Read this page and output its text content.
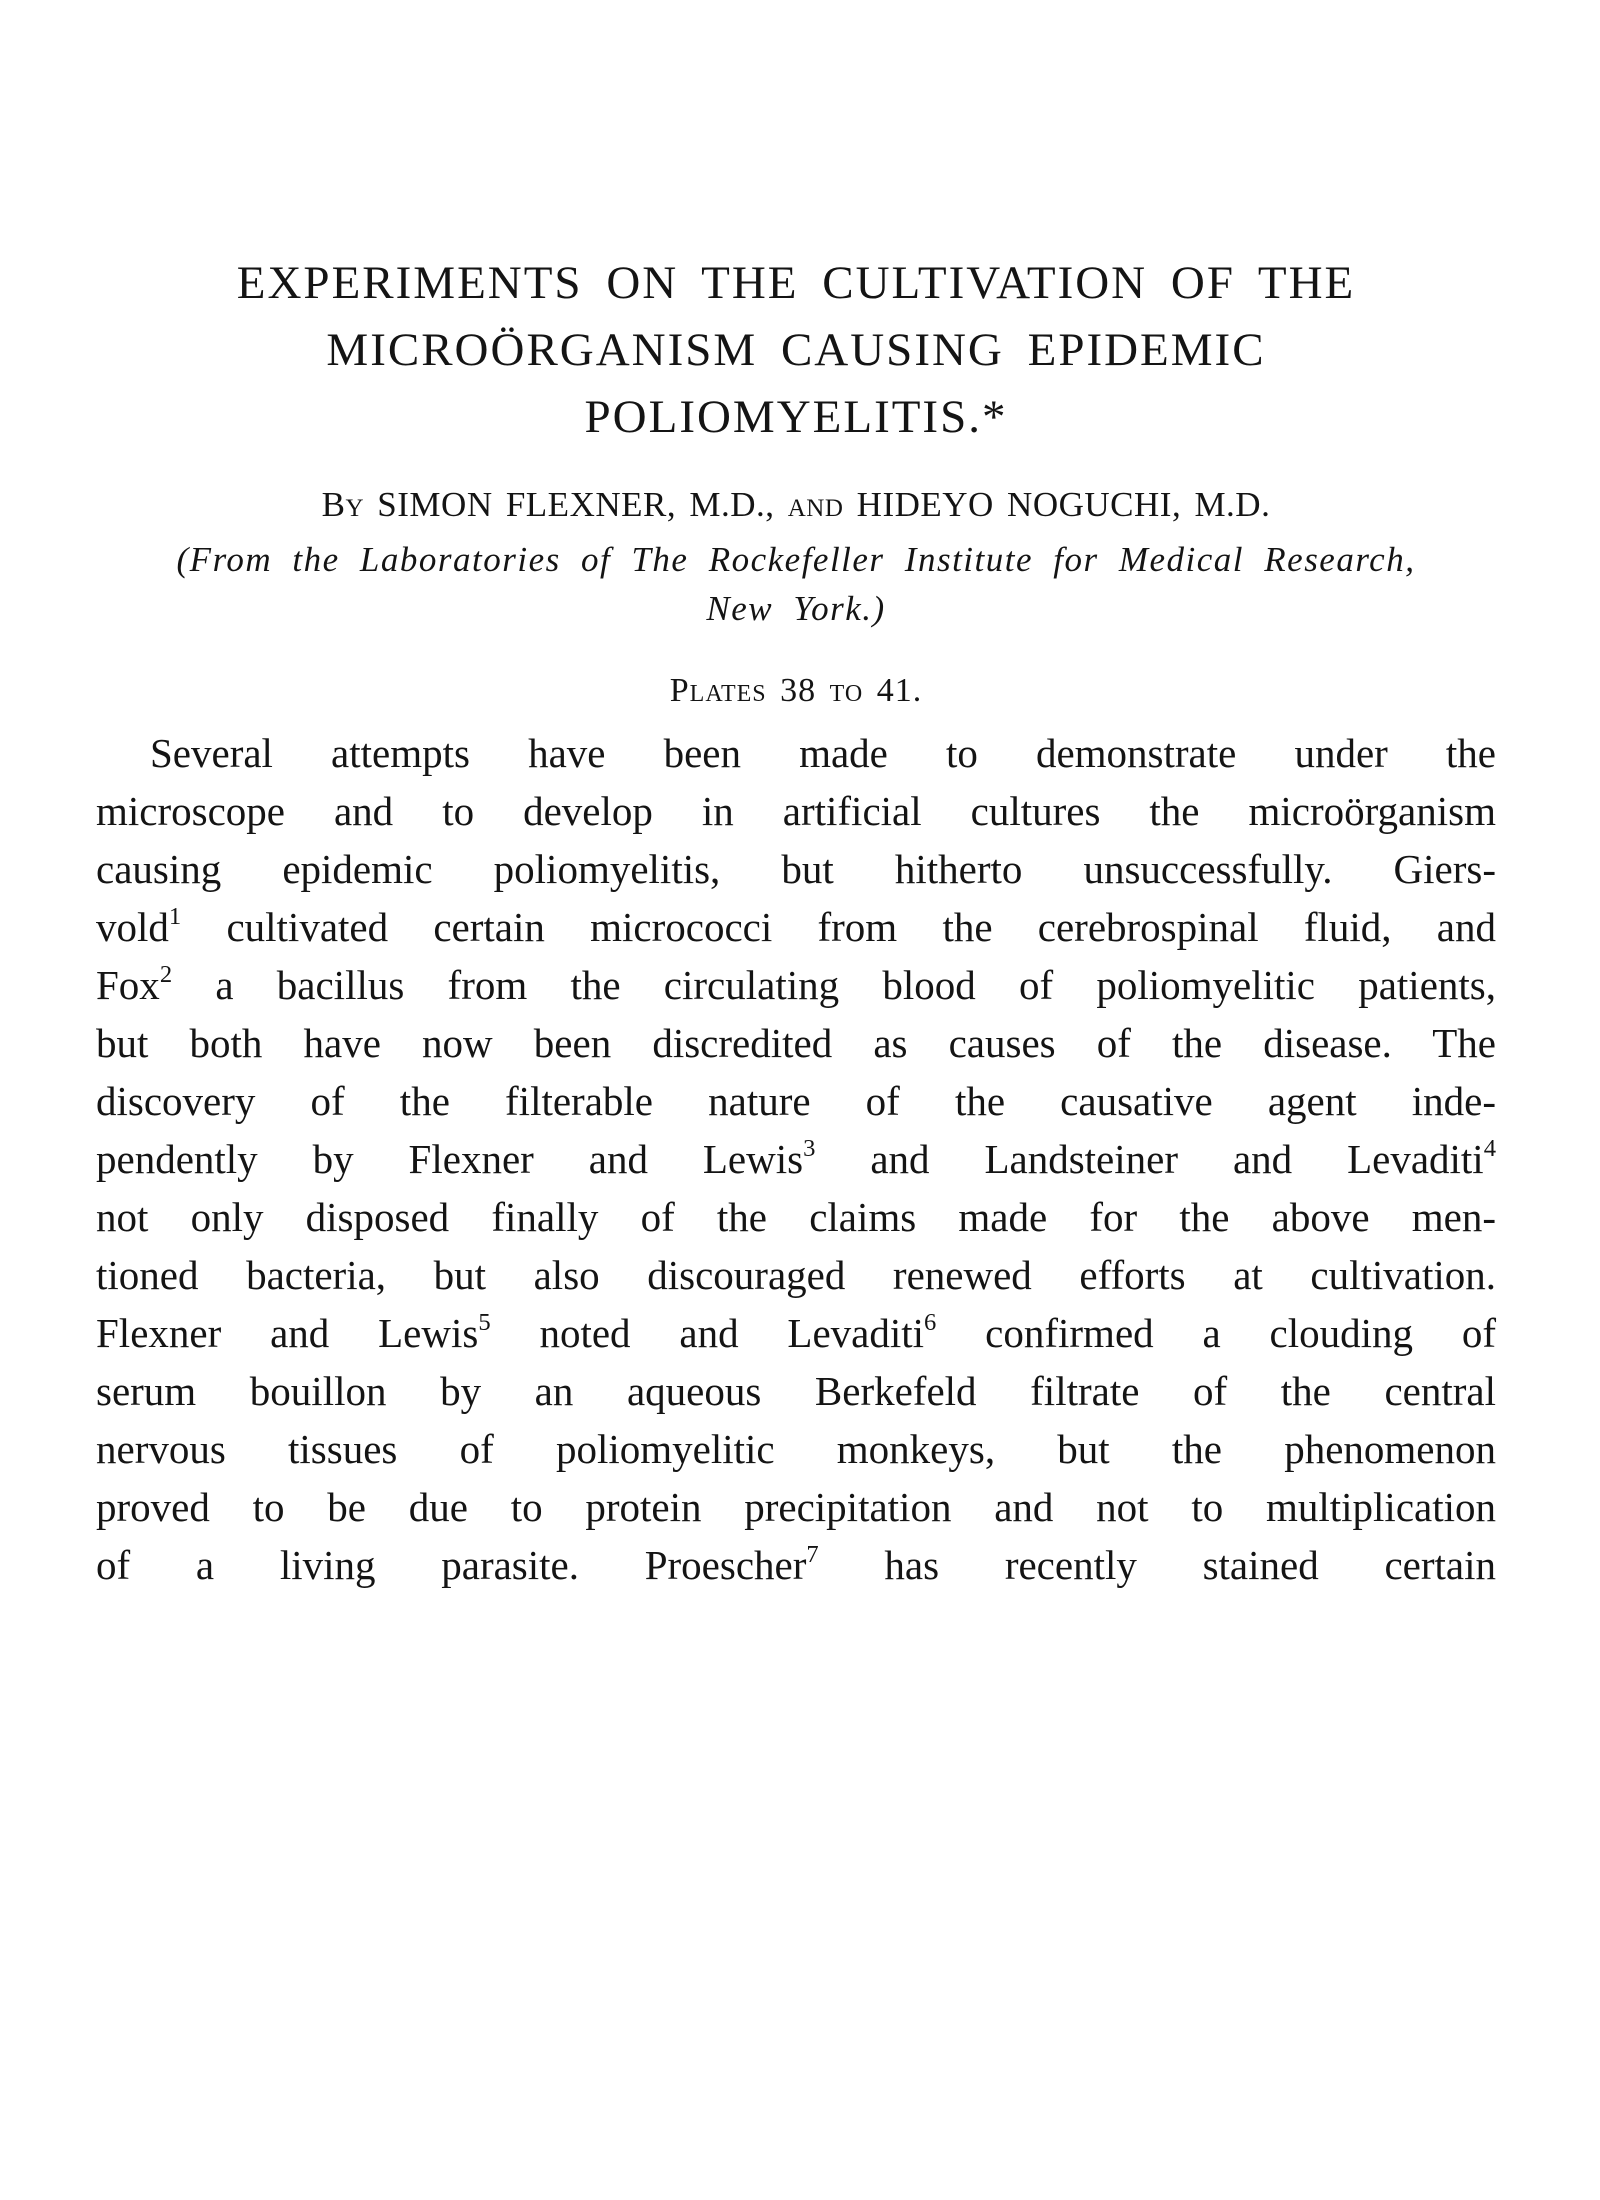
EXPERIMENTS ON THE CULTIVATION OF THE
MICROÖRGANISM CAUSING EPIDEMIC
POLIOMYELITIS.*

By SIMON FLEXNER, M.D., and HIDEYO NOGUCHI, M.D.

(From the Laboratories of The Rockefeller Institute for Medical Research,
New York.)

Plates 38 to 41.

Several attempts have been made to demonstrate under the
microscope and to develop in artificial cultures the microörganism
causing epidemic poliomyelitis, but hitherto unsuccessfully. Giers-
vold$^1$ cultivated certain micrococci from the cerebrospinal fluid, and
Fox$^2$ a bacillus from the circulating blood of poliomyelitic patients,
but both have now been discredited as causes of the disease. The
discovery of the filterable nature of the causative agent inde-
pendently by Flexner and Lewis$^3$ and Landsteiner and Levaditi$^4$
not only disposed finally of the claims made for the above men-
tioned bacteria, but also discouraged renewed efforts at cultivation.
Flexner and Lewis$^5$ noted and Levaditi$^6$ confirmed a clouding of
serum bouillon by an aqueous Berkefeld filtrate of the central
nervous tissues of poliomyelitic monkeys, but the phenomenon
proved to be due to protein precipitation and not to multiplication
of a living parasite. Proescher$^7$ has recently stained certain
